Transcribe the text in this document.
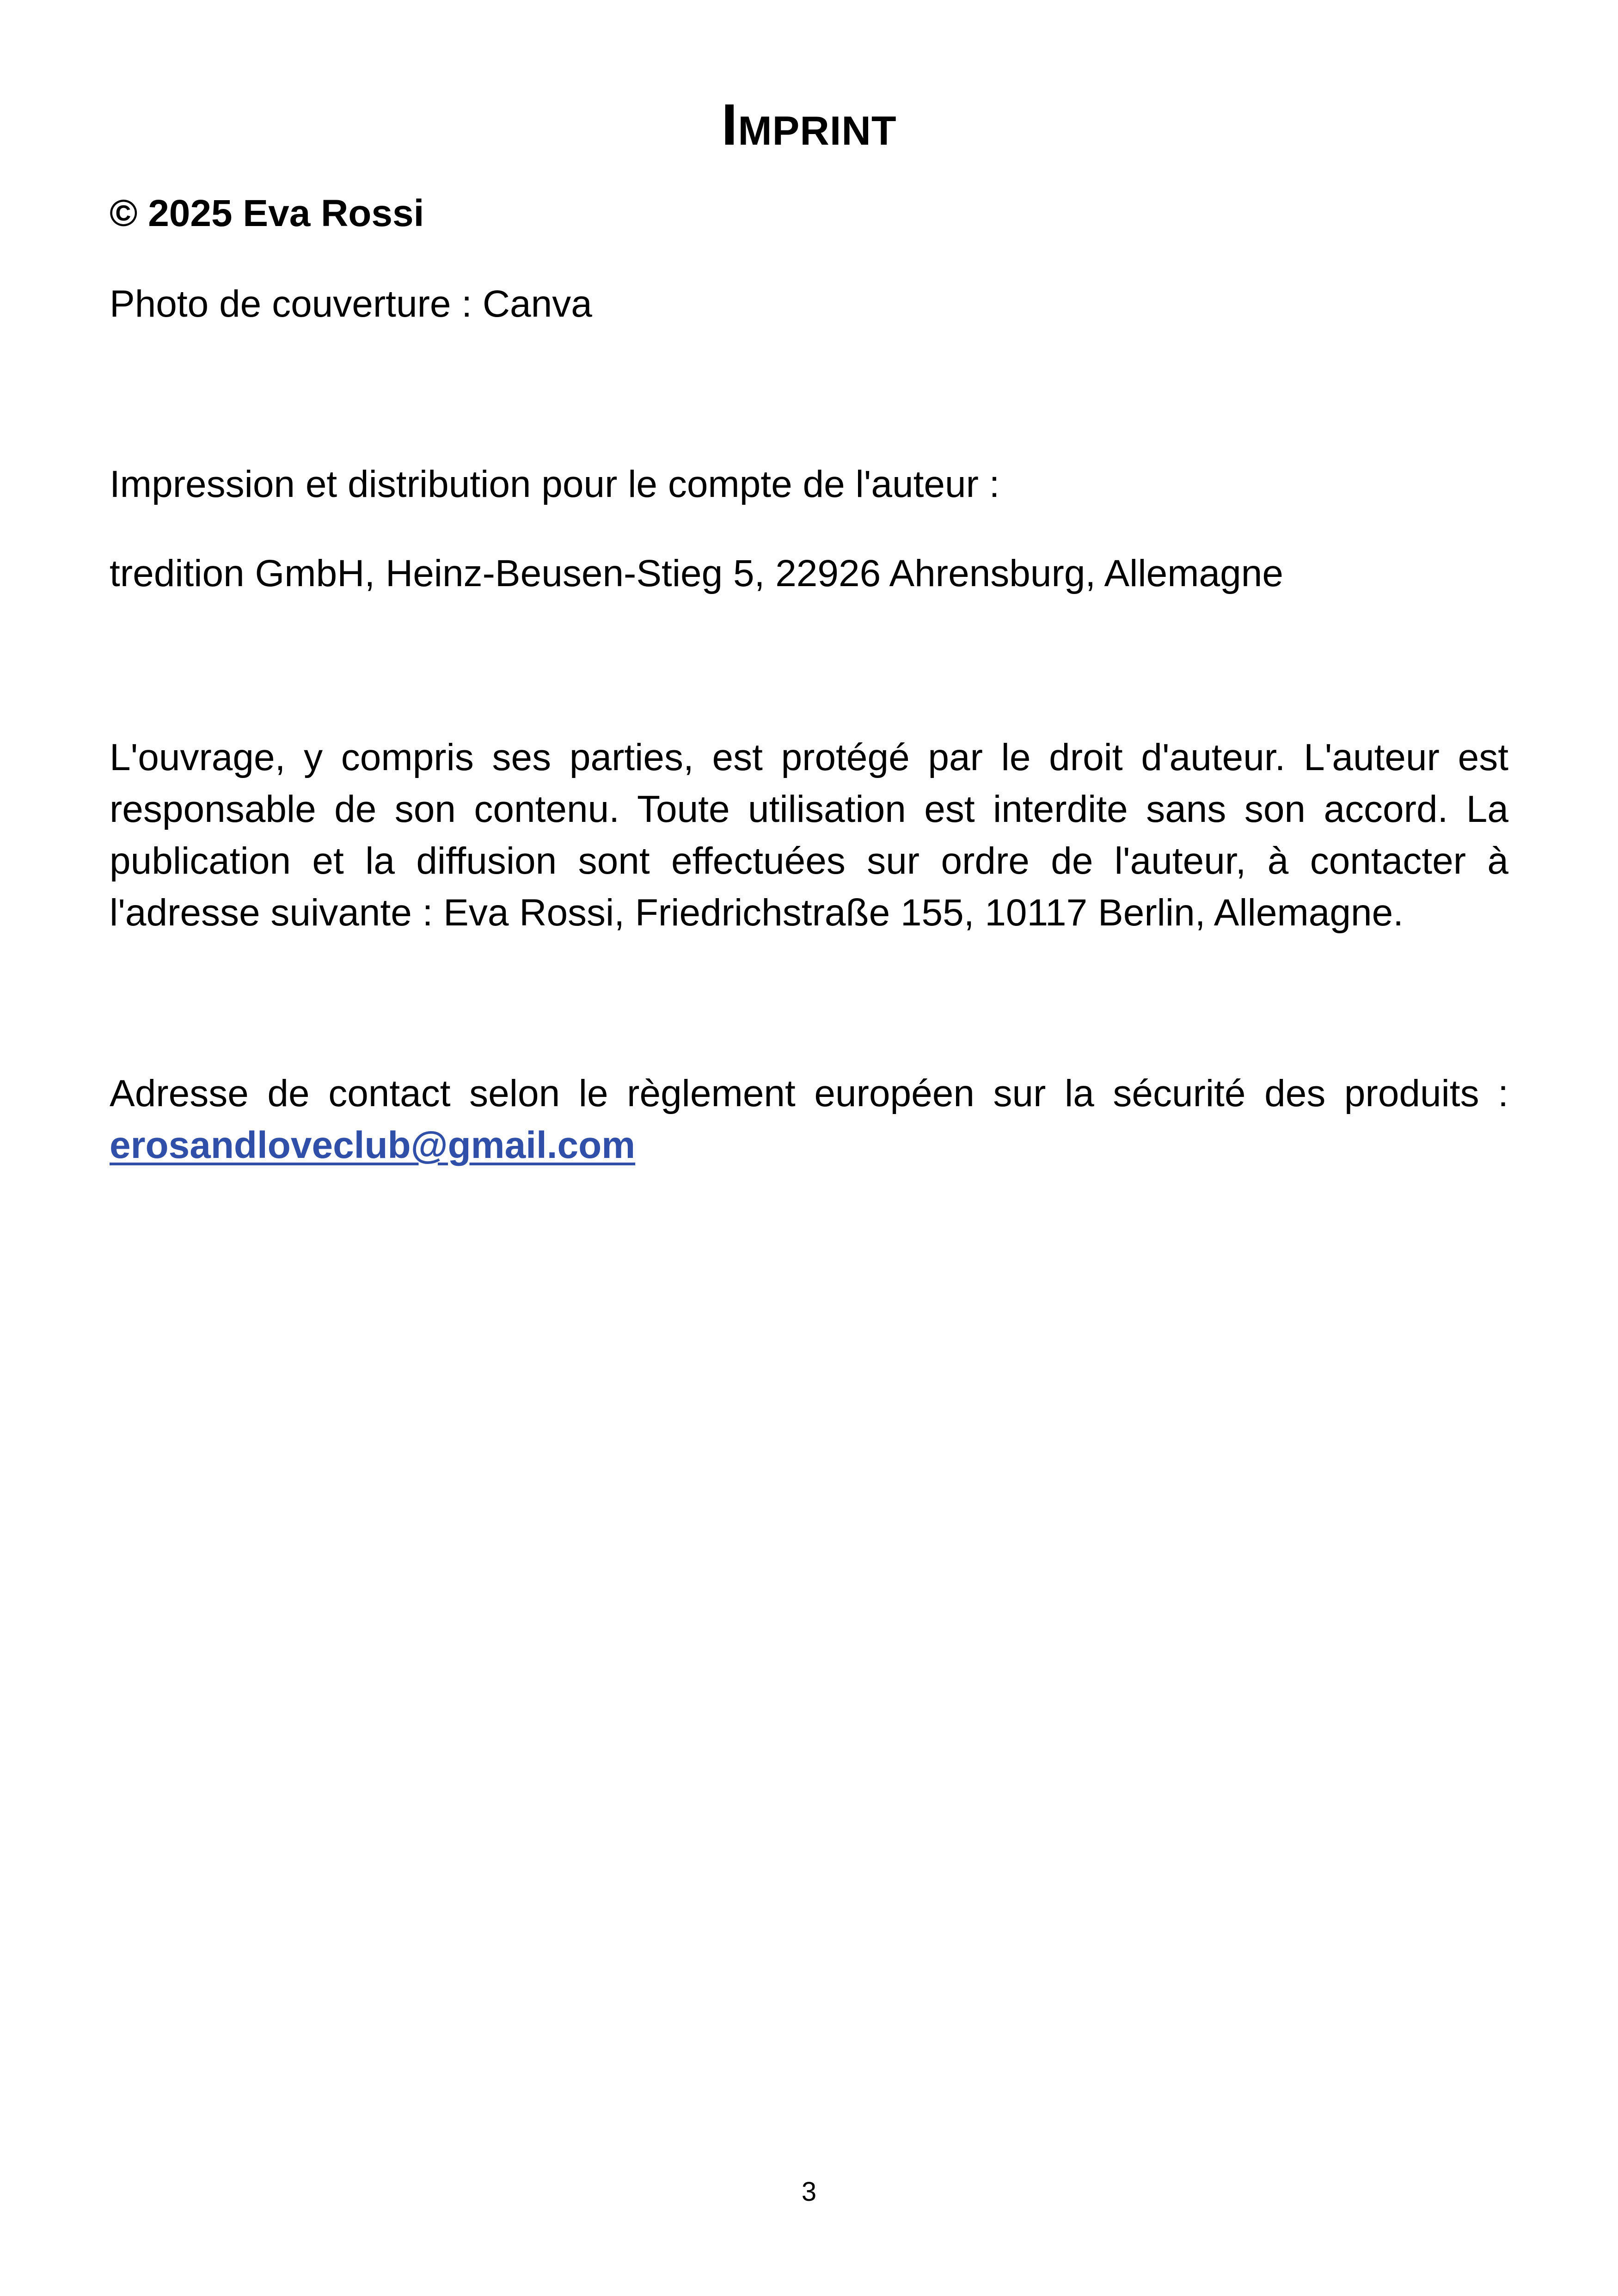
Imprint

© 2025 Eva Rossi

Photo de couverture : Canva

Impression et distribution pour le compte de l'auteur :

tredition GmbH, Heinz-Beusen-Stieg 5, 22926 Ahrensburg, Allemagne

L'ouvrage, y compris ses parties, est protégé par le droit d'auteur. L'auteur est responsable de son contenu. Toute utilisation est interdite sans son accord. La publication et la diffusion sont effectuées sur ordre de l'auteur, à contacter à l'adresse suivante : Eva Rossi, Friedrichstraße 155, 10117 Berlin, Allemagne.

Adresse de contact selon le règlement européen sur la sécurité des produits : erosandloveclub@gmail.com

3
